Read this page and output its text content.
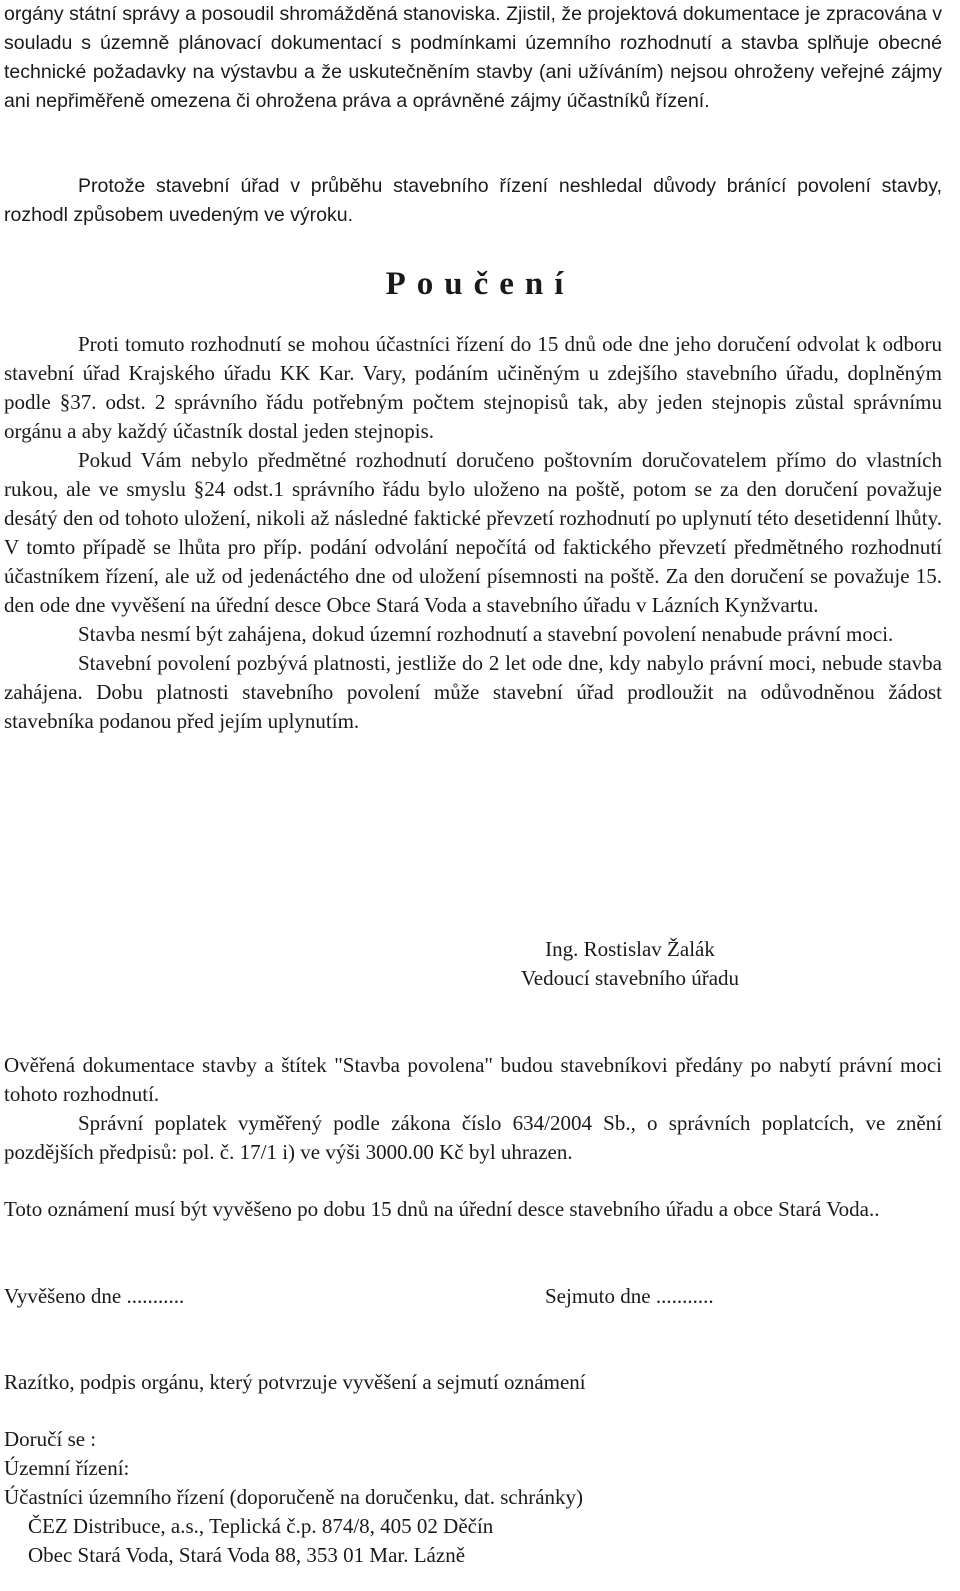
orgány státní správy a posoudil shromážděná stanoviska. Zjistil, že projektová dokumentace je zpracována v souladu s územně plánovací dokumentací s podmínkami územního rozhodnutí a stavba splňuje obecné technické požadavky na výstavbu a že uskutečněním stavby (ani užíváním) nejsou ohroženy veřejné zájmy ani nepřiměřeně omezena či ohrožena práva a oprávněné zájmy účastníků řízení.

Protože stavební úřad v průběhu stavebního řízení neshledal důvody bránící povolení stavby, rozhodl způsobem uvedeným ve výroku.

Poučení

Proti tomuto rozhodnutí se mohou účastníci řízení do 15 dnů ode dne jeho doručení odvolat k odboru stavební úřad Krajského úřadu KK Kar. Vary, podáním učiněným u zdejšího stavebního úřadu, doplněným podle §37. odst. 2 správního řádu potřebným počtem stejnopisů tak, aby jeden stejnopis zůstal správnímu orgánu a aby každý účastník dostal jeden stejnopis.

Pokud Vám nebylo předmětné rozhodnutí doručeno poštovním doručovatelem přímo do vlastních rukou, ale ve smyslu §24 odst.1 správního řádu bylo uloženo na poště, potom se za den doručení považuje desátý den od tohoto uložení, nikoli až následné faktické převzetí rozhodnutí po uplynutí této desetidenní lhůty. V tomto případě se lhůta pro příp. podání odvolání nepočítá od faktického převzetí předmětného rozhodnutí účastníkem řízení, ale už od jedenáctého dne od uložení písemnosti na poště. Za den doručení se považuje 15. den ode dne vyvěšení na úřední desce Obce Stará Voda a stavebního úřadu v Lázních Kynžvartu.

Stavba nesmí být zahájena, dokud územní rozhodnutí a stavební povolení nenabude právní moci.

Stavební povolení pozbývá platnosti, jestliže do 2 let ode dne, kdy nabylo právní moci, nebude stavba zahájena. Dobu platnosti stavebního povolení může stavební úřad prodloužit na odůvodněnou žádost stavebníka podanou před jejím uplynutím.

Ing. Rostislav Žalák
Vedoucí stavebního úřadu

Ověřená dokumentace stavby a štítek "Stavba povolena" budou stavebníkovi předány po nabytí právní moci tohoto rozhodnutí.

Správní poplatek vyměřený podle zákona číslo 634/2004 Sb., o správních poplatcích, ve znění pozdějších předpisů: pol. č. 17/1 i) ve výši 3000.00 Kč byl uhrazen.

Toto oznámení musí být vyvěšeno po dobu 15 dnů na úřední desce stavebního úřadu a obce Stará Voda..

Vyvěšeno dne ...........	Sejmuto dne ...........
Razítko, podpis orgánu, který potvrzuje vyvěšení a sejmutí oznámení
Doručí se :
Územní řízení:
Účastníci územního řízení (doporučeně na doručenku, dat. schránky)
ČEZ Distribuce, a.s., Teplická č.p. 874/8, 405 02 Děčín
Obec Stará Voda, Stará Voda 88, 353 01 Mar. Lázně
